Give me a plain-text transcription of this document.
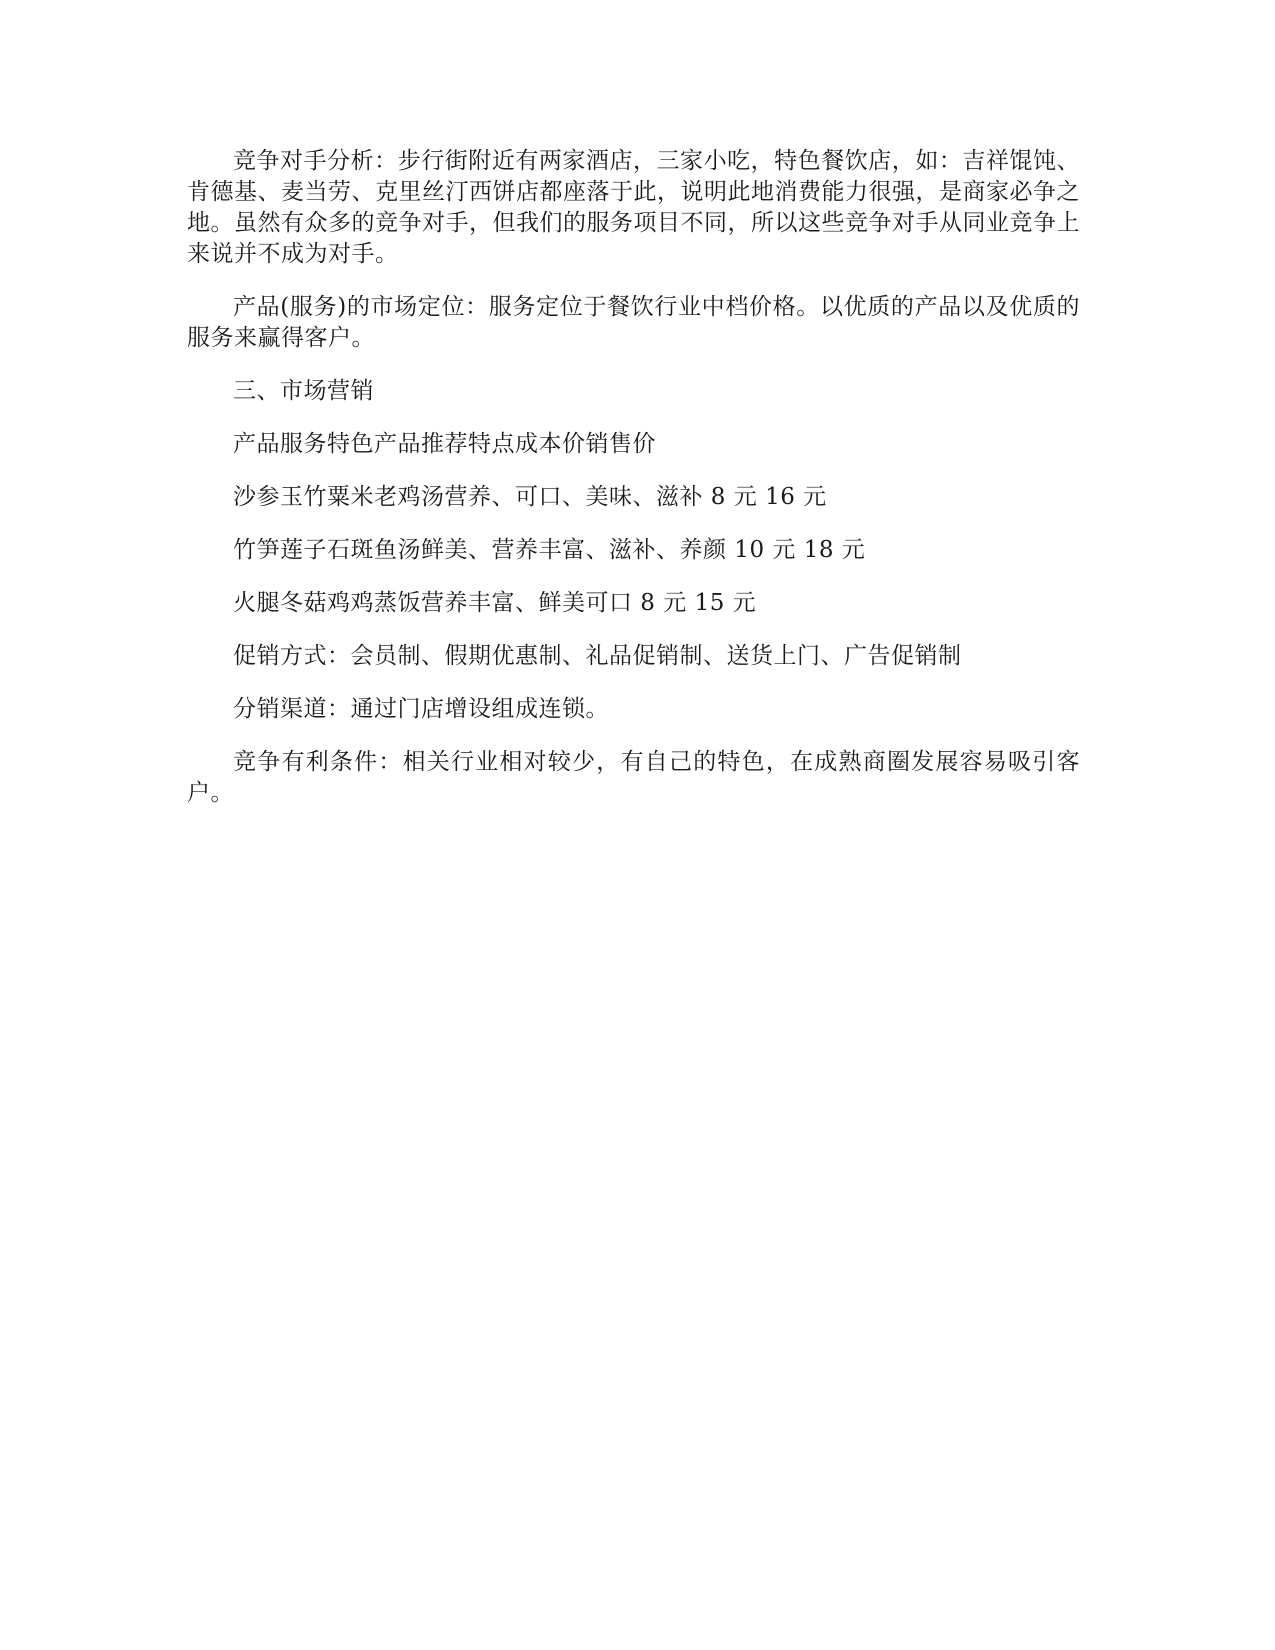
竞争对手分析：步行街附近有两家酒店，三家小吃，特色餐饮店，如：吉祥馄饨、肯德基、麦当劳、克里丝汀西饼店都座落于此，说明此地消费能力很强，是商家必争之地。虽然有众多的竞争对手，但我们的服务项目不同，所以这些竞争对手从同业竞争上来说并不成为对手。

产品(服务)的市场定位：服务定位于餐饮行业中档价格。以优质的产品以及优质的服务来赢得客户。

三、市场营销

产品服务特色产品推荐特点成本价销售价

沙参玉竹粟米老鸡汤营养、可口、美味、滋补 8 元 16 元

竹笋莲子石斑鱼汤鲜美、营养丰富、滋补、养颜 10 元 18 元

火腿冬菇鸡鸡蒸饭营养丰富、鲜美可口 8 元 15 元

促销方式：会员制、假期优惠制、礼品促销制、送货上门、广告促销制

分销渠道：通过门店增设组成连锁。

竞争有利条件：相关行业相对较少，有自己的特色，在成熟商圈发展容易吸引客户。
